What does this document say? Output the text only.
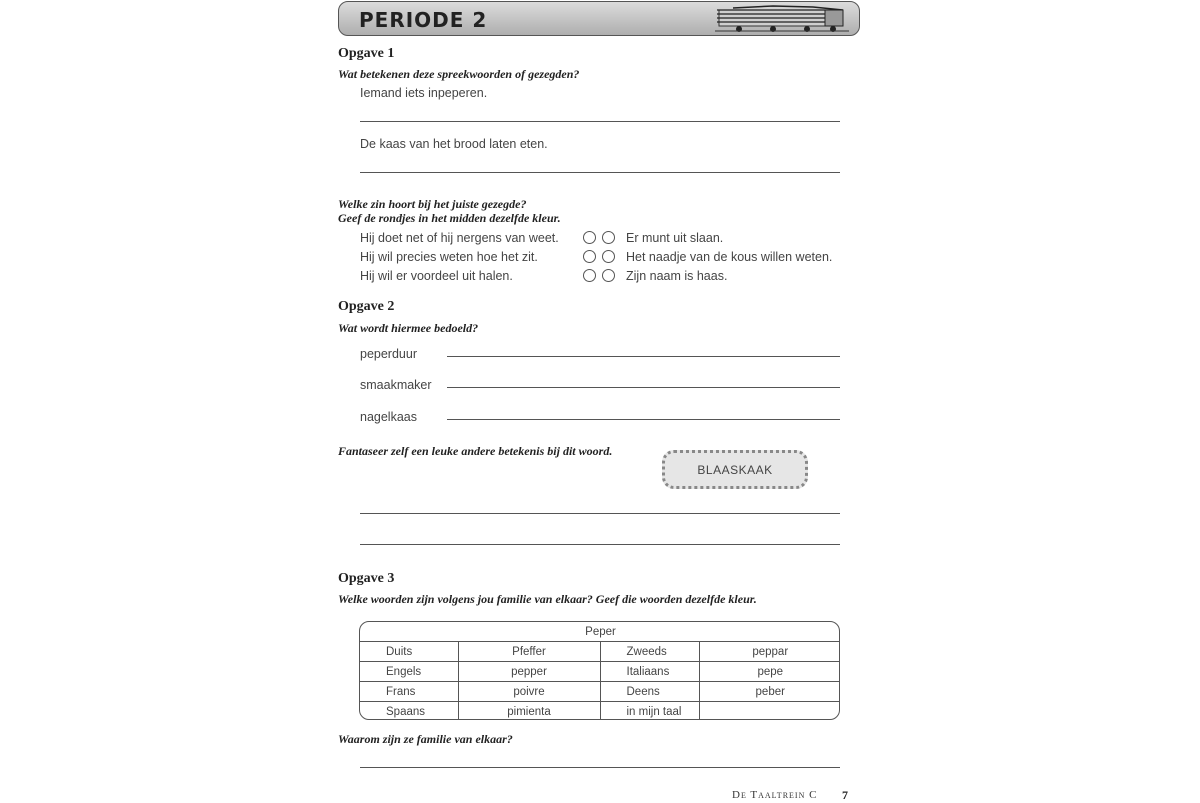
PERIODE 2
Opgave 1
Wat betekenen deze spreekwoorden of gezegden?
Iemand iets inpeperen.
De kaas van het brood laten eten.
Welke zin hoort bij het juiste gezegde?
Geef de rondjes in het midden dezelfde kleur.
Hij doet net of hij nergens van weet.
Hij wil precies weten hoe het zit.
Hij wil er voordeel uit halen.
Er munt uit slaan.
Het naadje van de kous willen weten.
Zijn naam is haas.
Opgave 2
Wat wordt hiermee bedoeld?
peperduur
smaakmaker
nagelkaas
Fantaseer zelf een leuke andere betekenis bij dit woord.
BLAASKAAK
Opgave 3
Welke woorden zijn volgens jou familie van elkaar? Geef die woorden dezelfde kleur.
Peper			
Duits	Pfeffer	Zweeds	peppar
Engels	pepper	Italiaans	pepe
Frans	poivre	Deens	peber
Spaans	pimienta	in mijn taal	
Waarom zijn ze familie van elkaar?
De Taaltrein C 7
